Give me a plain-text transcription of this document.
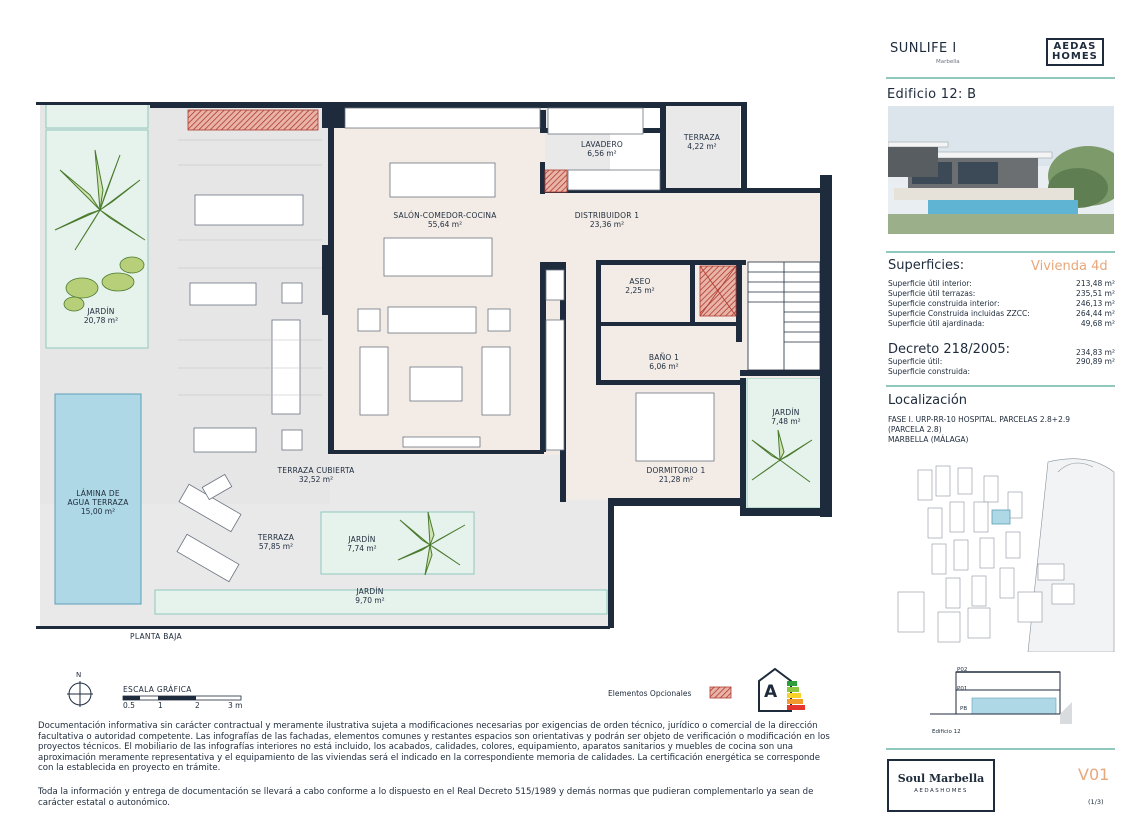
LAVADERO
6,56 m²
TERRAZA
4,22 m²
SALÓN-COMEDOR-COCINA
55,64 m²
DISTRIBUIDOR 1
23,36 m²
ASEO
2,25 m²
BAÑO 1
6,06 m²
DORMITORIO 1
21,28 m²
JARDÍN
7,48 m²
JARDÍN
20,78 m²
TERRAZA CUBIERTA
32,52 m²
LÁMINA DE
AGUA TERRAZA
15,00 m²
TERRAZA
57,85 m²
JARDÍN
7,74 m²
JARDÍN
9,70 m²
PLANTA BAJA
N
ESCALA GRÁFICA
0.5	1	2	3 m
Elementos Opcionales	A
Documentación informativa sin carácter contractual y meramente ilustrativa sujeta a modificaciones necesarias por exigencias de orden técnico, jurídico o comercial de la dirección facultativa o autoridad competente. Las infografías de las fachadas, elementos comunes y restantes espacios son orientativas y podrán ser objeto de verificación o modificación en los proyectos técnicos. El mobiliario de las infografías interiores no está incluido, los acabados, calidades, colores, equipamiento, aparatos sanitarios y muebles de cocina son una aproximación meramente representativa y el equipamiento de las viviendas será el indicado en la correspondiente memoria de calidades. La certificación energética se corresponde con la establecida en proyecto en trámite.
Toda la información y entrega de documentación se llevará a cabo conforme a lo dispuesto en el Real Decreto 515/1989 y demás normas que pudieran complementarlo ya sean de carácter estatal o autonómico.
SUNLIFE I
Marbella
AEDAS
HOMES
Edificio 12: B
Superficies:	Vivienda 4d
Superficie útil interior:	213,48 m²
Superficie útil terrazas:	235,51 m²
Superficie construida interior:	246,13 m²
Superficie Construida incluidas ZZCC:	264,44 m²
Superficie útil ajardinada:	49,68 m²
Decreto 218/2005:	234,83 m²
Superficie útil:	290,89 m²
Superficie construida:
Localización
FASE I. URP-RR-10 HOSPITAL. PARCELAS 2.8+2.9
(PARCELA 2.8)
MARBELLA (MÁLAGA)
P02
P01
PB
Edificio 12
Soul Marbella
AEDASHOMES
V01
(1/3)
